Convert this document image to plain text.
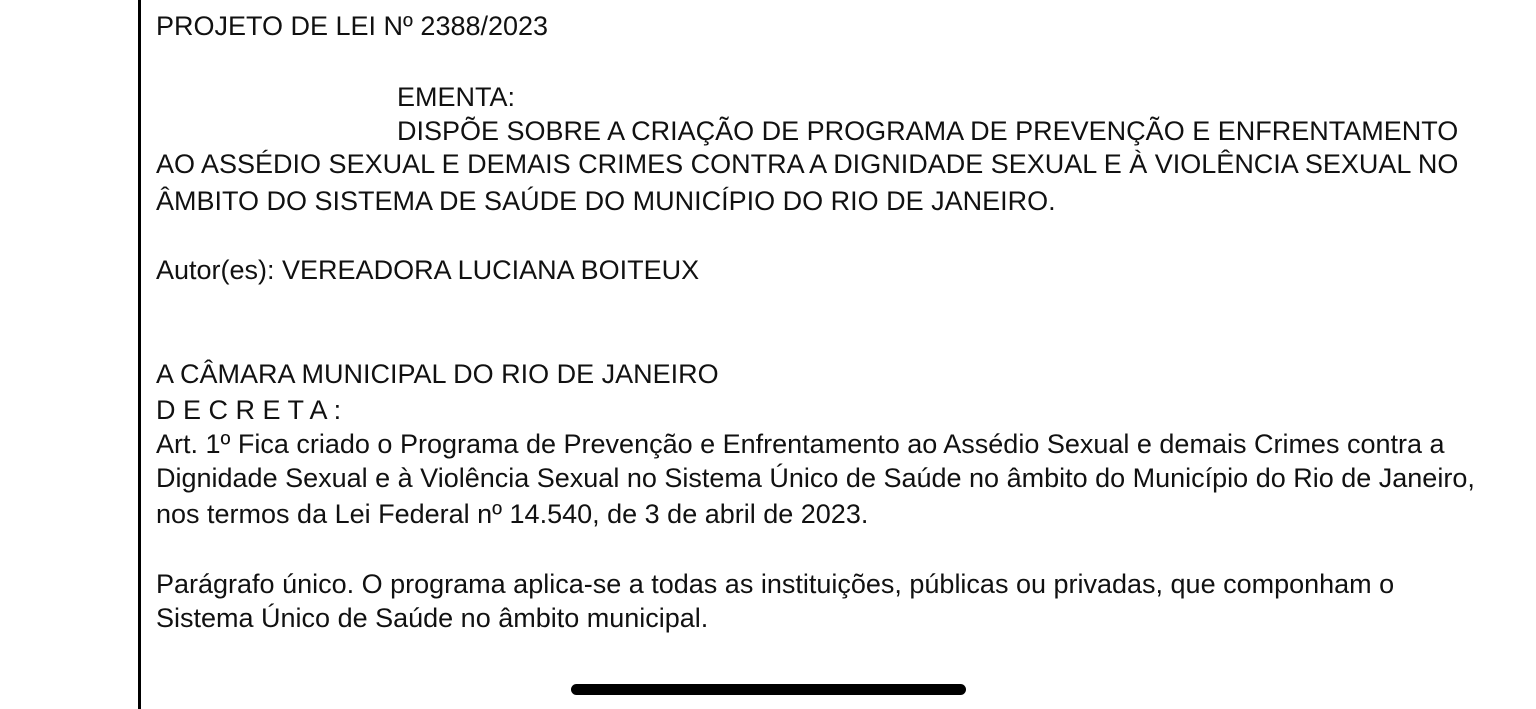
PROJETO DE LEI Nº 2388/2023
EMENTA:
DISPÕE SOBRE A CRIAÇÃO DE PROGRAMA DE PREVENÇÃO E ENFRENTAMENTO
AO ASSÉDIO SEXUAL E DEMAIS CRIMES CONTRA A DIGNIDADE SEXUAL E À VIOLÊNCIA SEXUAL NO
ÂMBITO DO SISTEMA DE SAÚDE DO MUNICÍPIO DO RIO DE JANEIRO.
Autor(es): VEREADORA LUCIANA BOITEUX
A CÂMARA MUNICIPAL DO RIO DE JANEIRO
D E C R E T A :
Art. 1º Fica criado o Programa de Prevenção e Enfrentamento ao Assédio Sexual e demais Crimes contra a
Dignidade Sexual e à Violência Sexual no Sistema Único de Saúde no âmbito do Município do Rio de Janeiro,
nos termos da Lei Federal nº 14.540, de 3 de abril de 2023.
Parágrafo único. O programa aplica-se a todas as instituições, públicas ou privadas, que componham o
Sistema Único de Saúde no âmbito municipal.
